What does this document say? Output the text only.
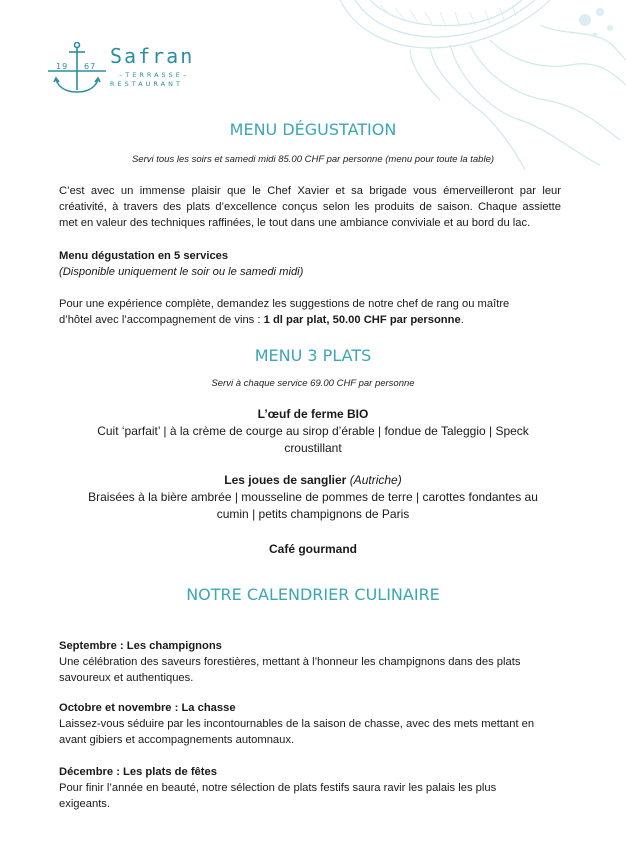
19 67 Safran
–TERRASSE–
RESTAURANT
MENU DÉGUSTATION
Servi tous les soirs et samedi midi 85.00 CHF par personne (menu pour toute la table)
C’est avec un immense plaisir que le Chef Xavier et sa brigade vous émerveilleront par leur
créativité, à travers des plats d’excellence conçus selon les produits de saison. Chaque assiette
met en valeur des techniques raffinées, le tout dans une ambiance conviviale et au bord du lac.
Menu dégustation en 5 services
(Disponible uniquement le soir ou le samedi midi)
Pour une expérience complète, demandez les suggestions de notre chef de rang ou maître
d’hôtel avec l’accompagnement de vins : 1 dl par plat, 50.00 CHF par personne.
MENU 3 PLATS
Servi à chaque service 69.00 CHF par personne
L’œuf de ferme BIO
Cuit ‘parfait’ | à la crème de courge au sirop d’érable | fondue de Taleggio | Speck
croustillant
Les joues de sanglier (Autriche)
Braisées à la bière ambrée | mousseline de pommes de terre | carottes fondantes au
cumin | petits champignons de Paris
Café gourmand
NOTRE CALENDRIER CULINAIRE
Septembre : Les champignons
Une célébration des saveurs forestières, mettant à l’honneur les champignons dans des plats
savoureux et authentiques.
Octobre et novembre : La chasse
Laissez-vous séduire par les incontournables de la saison de chasse, avec des mets mettant en
avant gibiers et accompagnements automnaux.
Décembre : Les plats de fêtes
Pour finir l’année en beauté, notre sélection de plats festifs saura ravir les palais les plus
exigeants.
